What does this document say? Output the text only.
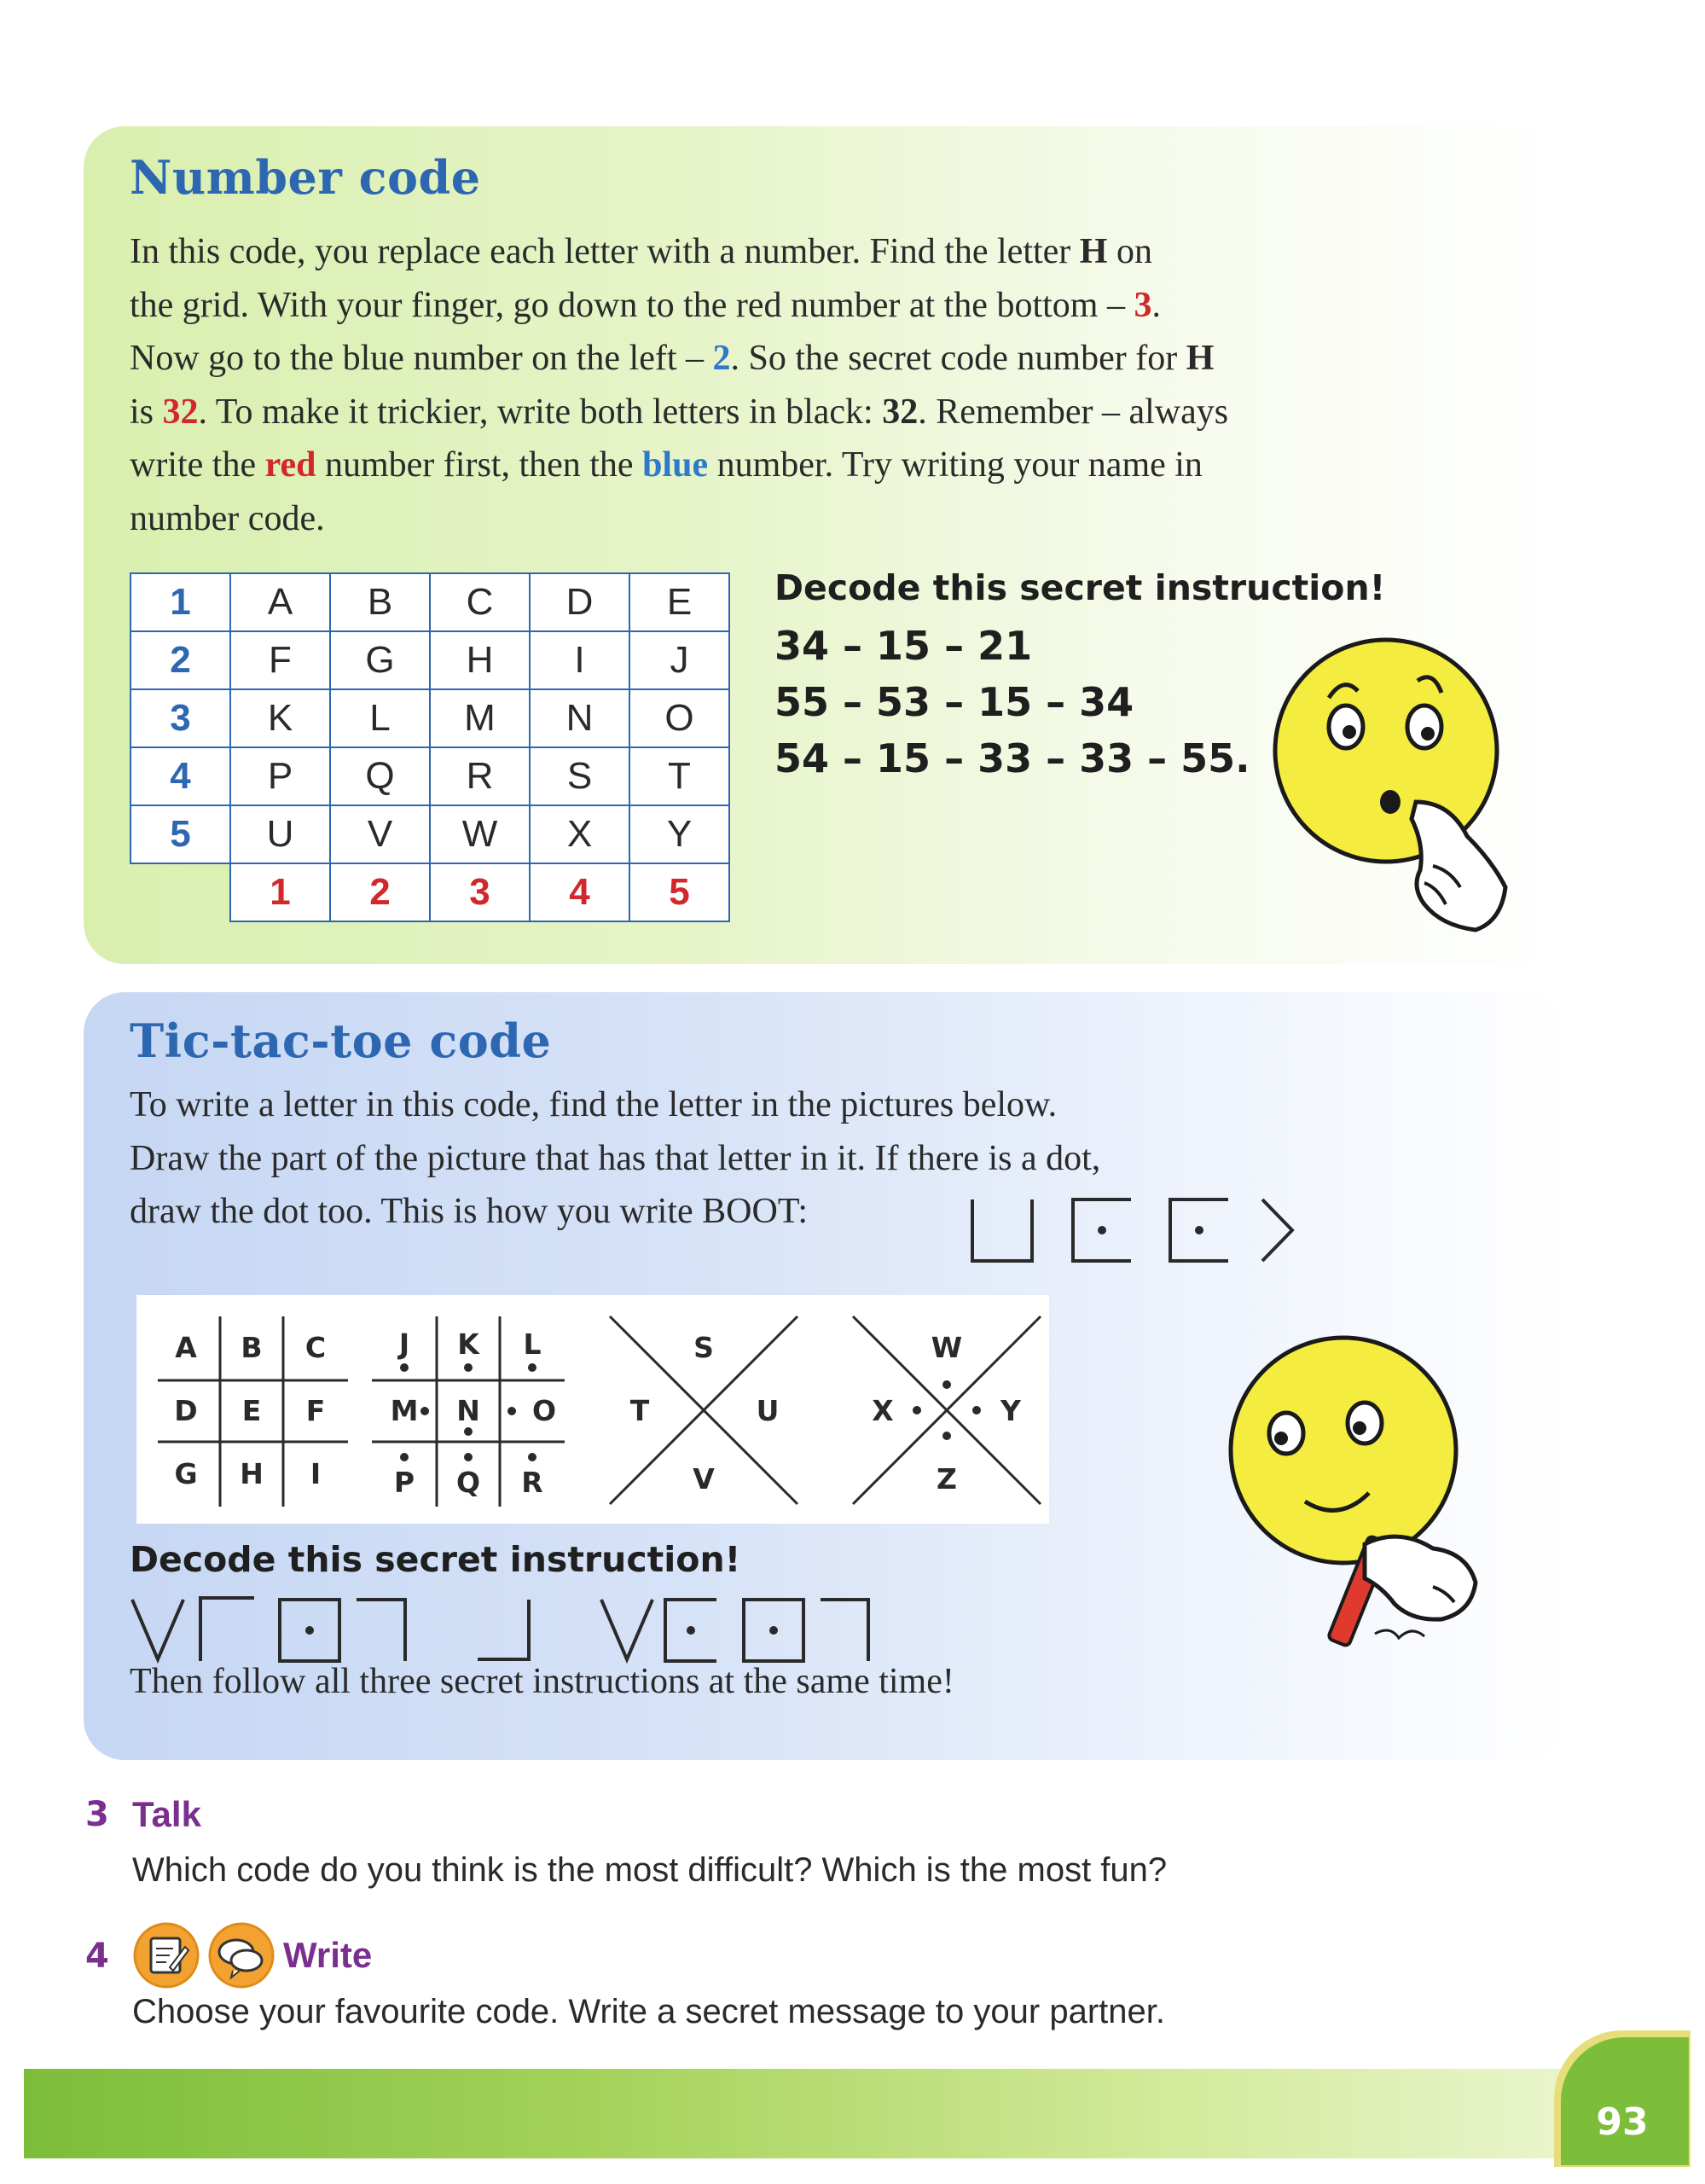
Number code
In this code, you replace each letter with a number. Find the letter H on
the grid. With your finger, go down to the red number at the bottom – 3.
Now go to the blue number on the left – 2. So the secret code number for H
is 32. To make it trickier, write both letters in black: 32. Remember – always
write the red number first, then the blue number. Try writing your name in
number code.
1	A	B	C	D	E
2	F	G	H	I	J
3	K	L	M	N	O
4	P	Q	R	S	T
5	U	V	W	X	Y
	1	2	3	4	5
Decode this secret instruction!
34 – 15 – 21
55 – 53 – 15 – 34
54 – 15 – 33 – 33 – 55.
Tic-tac-toe code
To write a letter in this code, find the letter in the pictures below.
Draw the part of the picture that has that letter in it. If there is a dot,
draw the dot too. This is how you write BOOT:
A B C
D E F
G H	I
J	K L
M N O
P Q R
S
T	U
V
W
X	Y
Z
Decode this secret instruction!
Then follow all three secret instructions at the same time!
3 Talk
Which code do you think is the most difficult? Which is the most fun?
4	Write
Choose your favourite code. Write a secret message to your partner.
93
